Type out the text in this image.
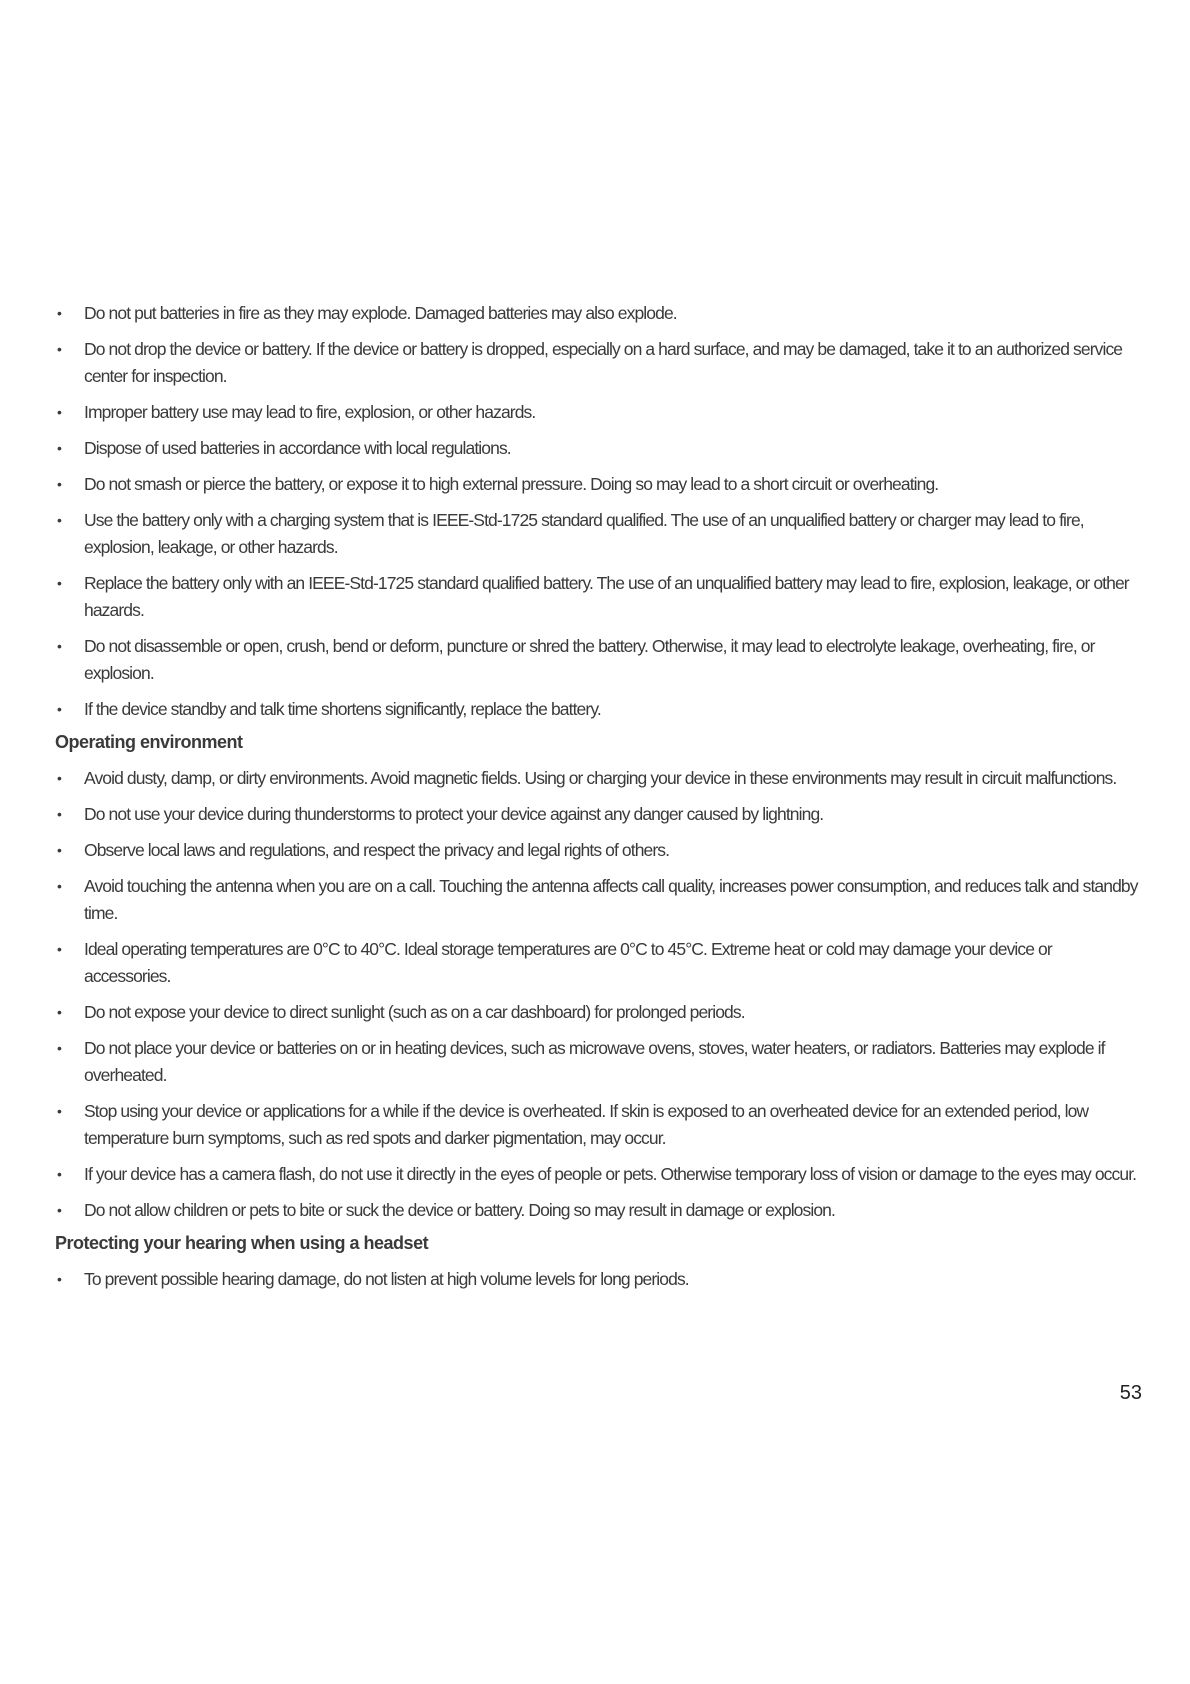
• Do not put batteries in fire as they may explode. Damaged batteries may also explode.
• Do not drop the device or battery. If the device or battery is dropped, especially on a hard surface, and may be damaged, take it to an authorized service center for inspection.
• Improper battery use may lead to fire, explosion, or other hazards.
• Dispose of used batteries in accordance with local regulations.
• Do not smash or pierce the battery, or expose it to high external pressure. Doing so may lead to a short circuit or overheating.
• Use the battery only with a charging system that is IEEE-Std-1725 standard qualified. The use of an unqualified battery or charger may lead to fire, explosion, leakage, or other hazards.
• Replace the battery only with an IEEE-Std-1725 standard qualified battery. The use of an unqualified battery may lead to fire, explosion, leakage, or other hazards.
• Do not disassemble or open, crush, bend or deform, puncture or shred the battery. Otherwise, it may lead to electrolyte leakage, overheating, fire, or explosion.
• If the device standby and talk time shortens significantly, replace the battery.
Operating environment
• Avoid dusty, damp, or dirty environments. Avoid magnetic fields. Using or charging your device in these environments may result in circuit malfunctions.
• Do not use your device during thunderstorms to protect your device against any danger caused by lightning.
• Observe local laws and regulations, and respect the privacy and legal rights of others.
• Avoid touching the antenna when you are on a call. Touching the antenna affects call quality, increases power consumption, and reduces talk and standby time.
• Ideal operating temperatures are 0°C to 40°C. Ideal storage temperatures are 0°C to 45°C. Extreme heat or cold may damage your device or accessories.
• Do not expose your device to direct sunlight (such as on a car dashboard) for prolonged periods.
• Do not place your device or batteries on or in heating devices, such as microwave ovens, stoves, water heaters, or radiators. Batteries may explode if overheated.
• Stop using your device or applications for a while if the device is overheated. If skin is exposed to an overheated device for an extended period, low temperature burn symptoms, such as red spots and darker pigmentation, may occur.
• If your device has a camera flash, do not use it directly in the eyes of people or pets. Otherwise temporary loss of vision or damage to the eyes may occur.
• Do not allow children or pets to bite or suck the device or battery. Doing so may result in damage or explosion.
Protecting your hearing when using a headset
• To prevent possible hearing damage, do not listen at high volume levels for long periods.
53
